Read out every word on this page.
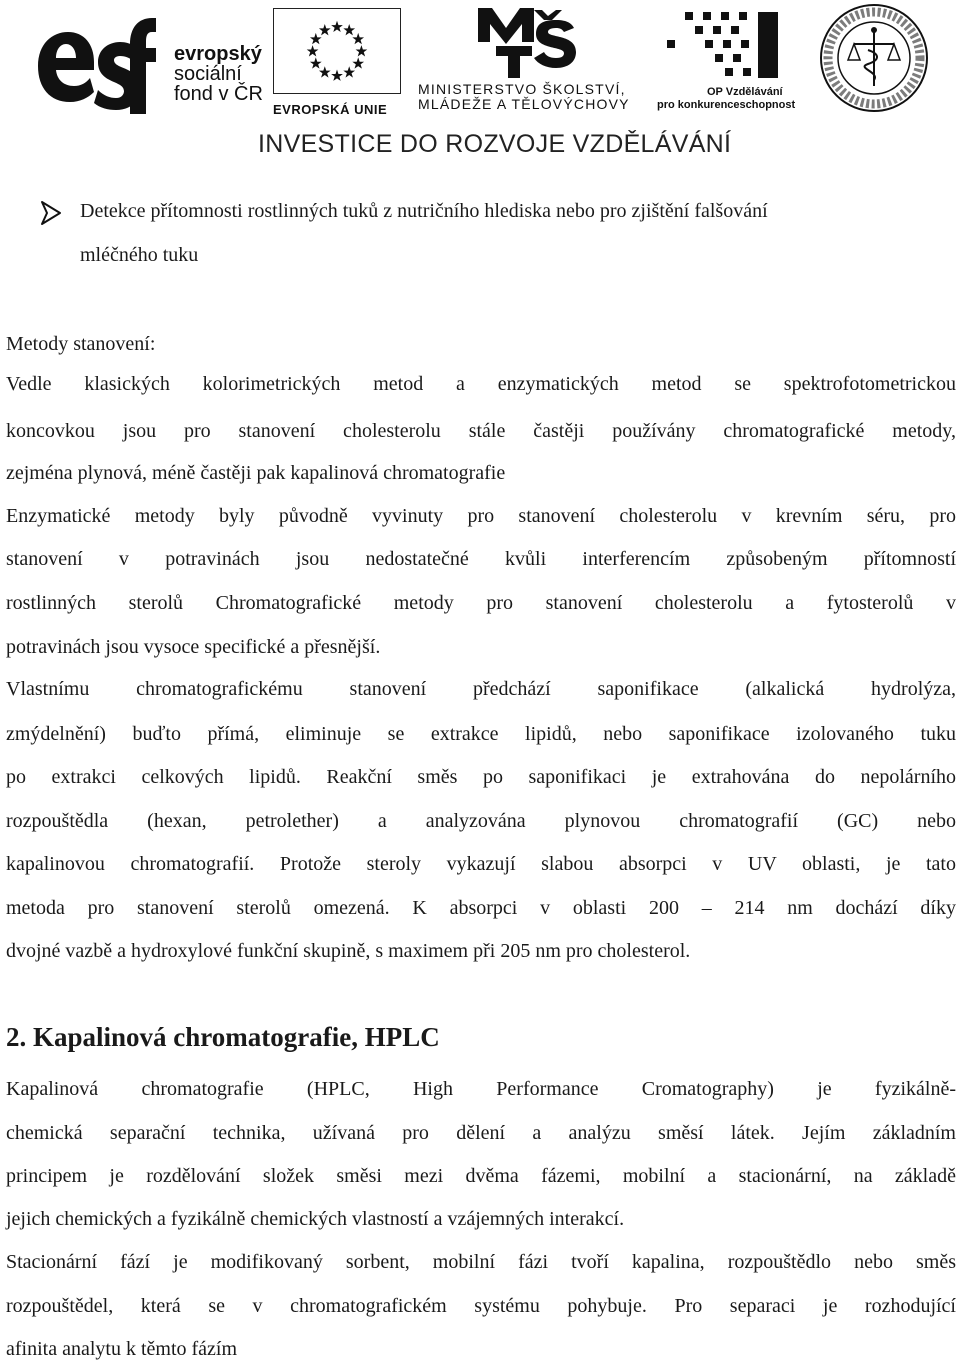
evropský
sociální
fond v ČR
EVROPSKÁ UNIE
MINISTERSTVO ŠKOLSTVÍ,
MLÁDEŽE A TĚLOVÝCHOVY
OP Vzdělávání
pro konkurenceschopnost
INVESTICE DO ROZVOJE VZDĚLÁVÁNÍ
Detekce přítomnosti rostlinných tuků z nutričního hlediska nebo pro zjištění falšování
mléčného tuku
Metody stanovení:
Vedle klasických kolorimetrických metod a enzymatických metod se spektrofotometrickou
koncovkou jsou pro stanovení cholesterolu stále častěji používány chromatografické metody,
zejména plynová, méně častěji pak kapalinová chromatografie
Enzymatické metody byly původně vyvinuty pro stanovení cholesterolu v krevním séru, pro
stanovení v potravinách jsou nedostatečné kvůli interferencím způsobeným přítomností
rostlinných sterolů Chromatografické metody pro stanovení cholesterolu a fytosterolů v
potravinách jsou vysoce specifické a přesnější.
Vlastnímu chromatografickému stanovení předchází saponifikace (alkalická hydrolýza,
zmýdelnění) buďto přímá, eliminuje se extrakce lipidů, nebo saponifikace izolovaného tuku
po extrakci celkových lipidů. Reakční směs po saponifikaci je extrahována do nepolárního
rozpouštědla (hexan, petrolether) a analyzována plynovou chromatografií (GC) nebo
kapalinovou chromatografií. Protože steroly vykazují slabou absorpci v UV oblasti, je tato
metoda pro stanovení sterolů omezená. K absorpci v oblasti 200 – 214 nm dochází díky
dvojné vazbě a hydroxylové funkční skupině, s maximem při 205 nm pro cholesterol.
2. Kapalinová chromatografie, HPLC
Kapalinová chromatografie (HPLC, High Performance Cromatography) je fyzikálně-
chemická separační technika, užívaná pro dělení a analýzu směsí látek. Jejím základním
principem je rozdělování složek směsi mezi dvěma fázemi, mobilní a stacionární, na základě
jejich chemických a fyzikálně chemických vlastností a vzájemných interakcí.
Stacionární fází je modifikovaný sorbent, mobilní fázi tvoří kapalina, rozpouštědlo nebo směs
rozpouštědel, která se v chromatografickém systému pohybuje. Pro separaci je rozhodující
afinita analytu k těmto fázím
